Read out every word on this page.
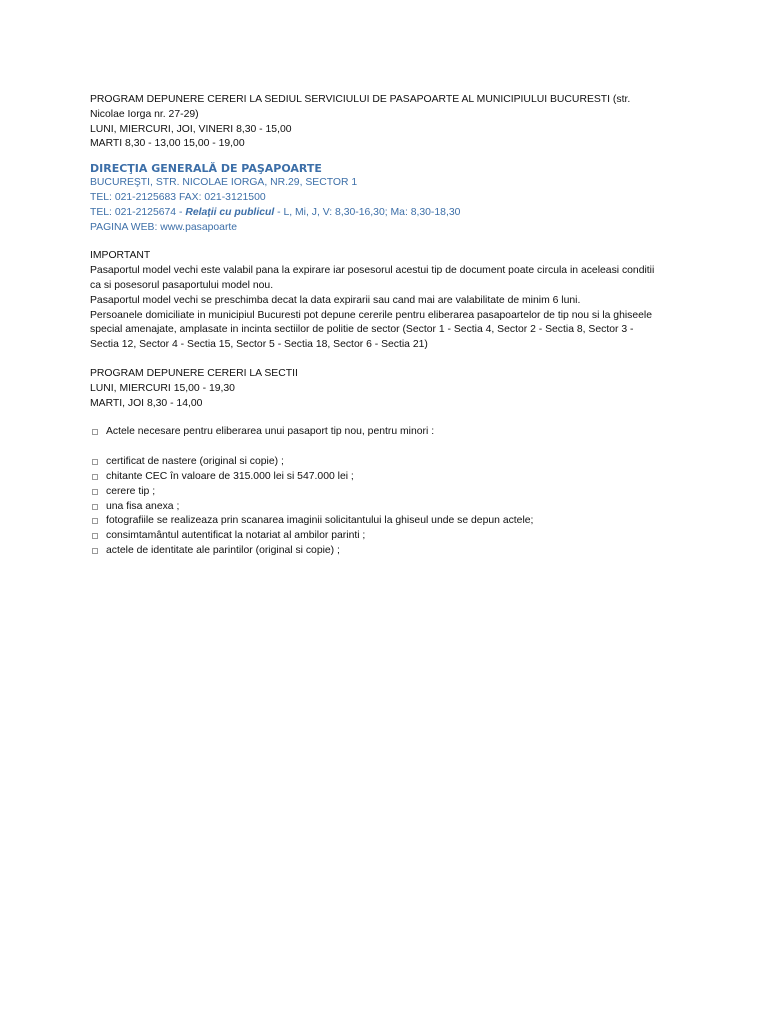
PROGRAM DEPUNERE CERERI LA SEDIUL SERVICIULUI DE PASAPOARTE AL MUNICIPIULUI BUCURESTI (str.
Nicolae Iorga nr. 27-29)
LUNI, MIERCURI, JOI, VINERI 8,30 - 15,00
MARTI 8,30 - 13,00 15,00 - 19,00
DIRECŢIA GENERALĂ DE PAŞAPOARTE
BUCUREŞTI, STR. NICOLAE IORGA, NR.29, SECTOR 1
TEL: 021-2125683 FAX: 021-3121500
TEL: 021-2125674 - Relaţii cu publicul - L, Mi, J, V: 8,30-16,30; Ma: 8,30-18,30
PAGINA WEB: www.pasapoarte
IMPORTANT
Pasaportul model vechi este valabil pana la expirare iar posesorul acestui tip de document poate circula in aceleasi conditii
ca si posesorul pasaportului model nou.
Pasaportul model vechi se preschimba decat la data expirarii sau cand mai are valabilitate de minim 6 luni.
Persoanele domiciliate in municipiul Bucuresti pot depune cererile pentru eliberarea pasapoartelor de tip nou si la ghiseele
special amenajate, amplasate in incinta sectiilor de politie de sector (Sector 1 - Sectia 4, Sector 2 - Sectia 8, Sector 3 -
Sectia 12, Sector 4 - Sectia 15, Sector 5 - Sectia 18, Sector 6 - Sectia 21)
PROGRAM DEPUNERE CERERI LA SECTII
LUNI, MIERCURI 15,00 - 19,30
MARTI, JOI 8,30 - 14,00
Actele necesare pentru eliberarea unui pasaport tip nou, pentru minori :
certificat de nastere (original si copie) ;
chitante CEC în valoare de 315.000 lei si 547.000 lei ;
cerere tip ;
una fisa anexa ;
fotografiile se realizeaza prin scanarea imaginii solicitantului la ghiseul unde se depun actele;
consimtamântul autentificat la notariat al ambilor parinti ;
actele de identitate ale parintilor (original si copie) ;
